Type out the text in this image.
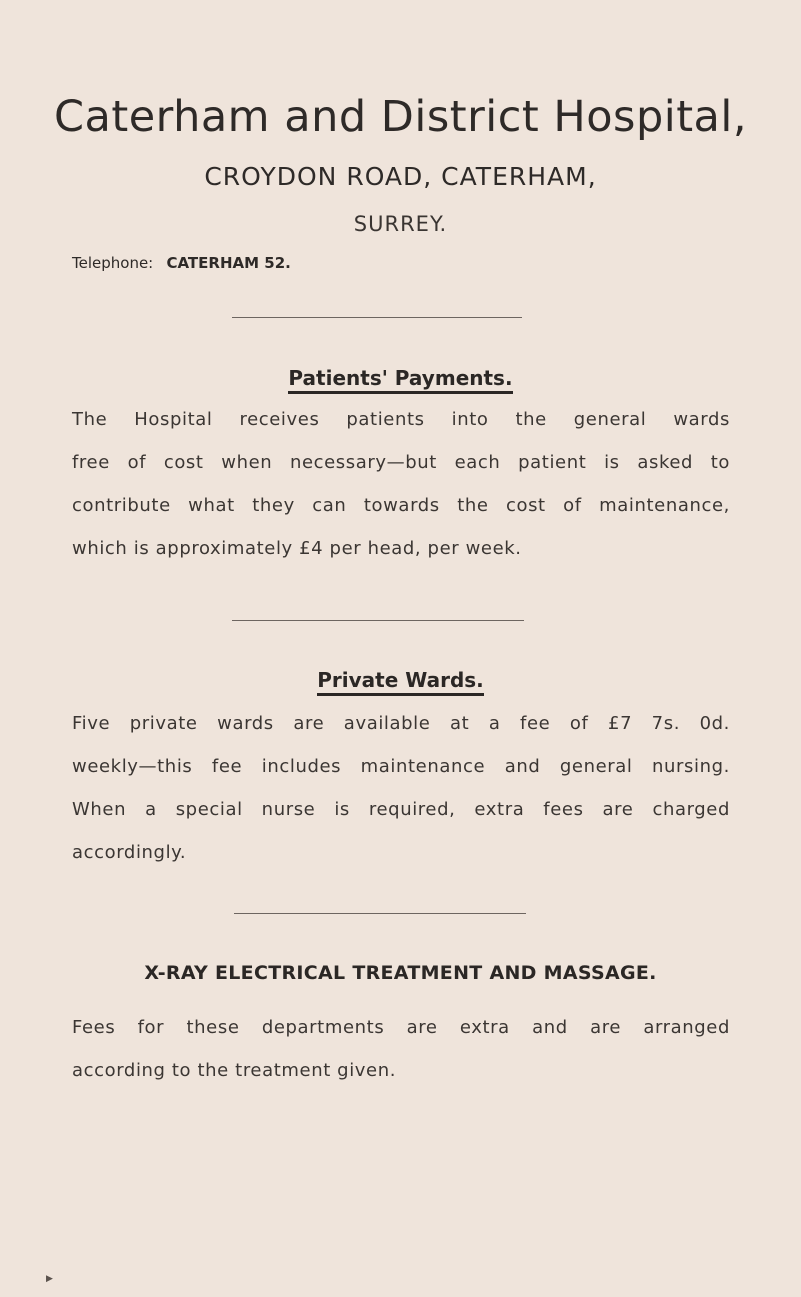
Caterham and District Hospital,
CROYDON ROAD, CATERHAM,
SURREY.
Telephone: CATERHAM 52.
Patients' Payments.
The Hospital receives patients into the general wards
free of cost when necessary—but each patient is asked to
contribute what they can towards the cost of maintenance,
which is approximately £4 per head, per week.
Private Wards.
Five private wards are available at a fee of £7 7s. 0d.
weekly—this fee includes maintenance and general nursing.
When a special nurse is required, extra fees are charged
accordingly.
X-RAY ELECTRICAL TREATMENT AND MASSAGE.
Fees for these departments are extra and are arranged
according to the treatment given.
▶
